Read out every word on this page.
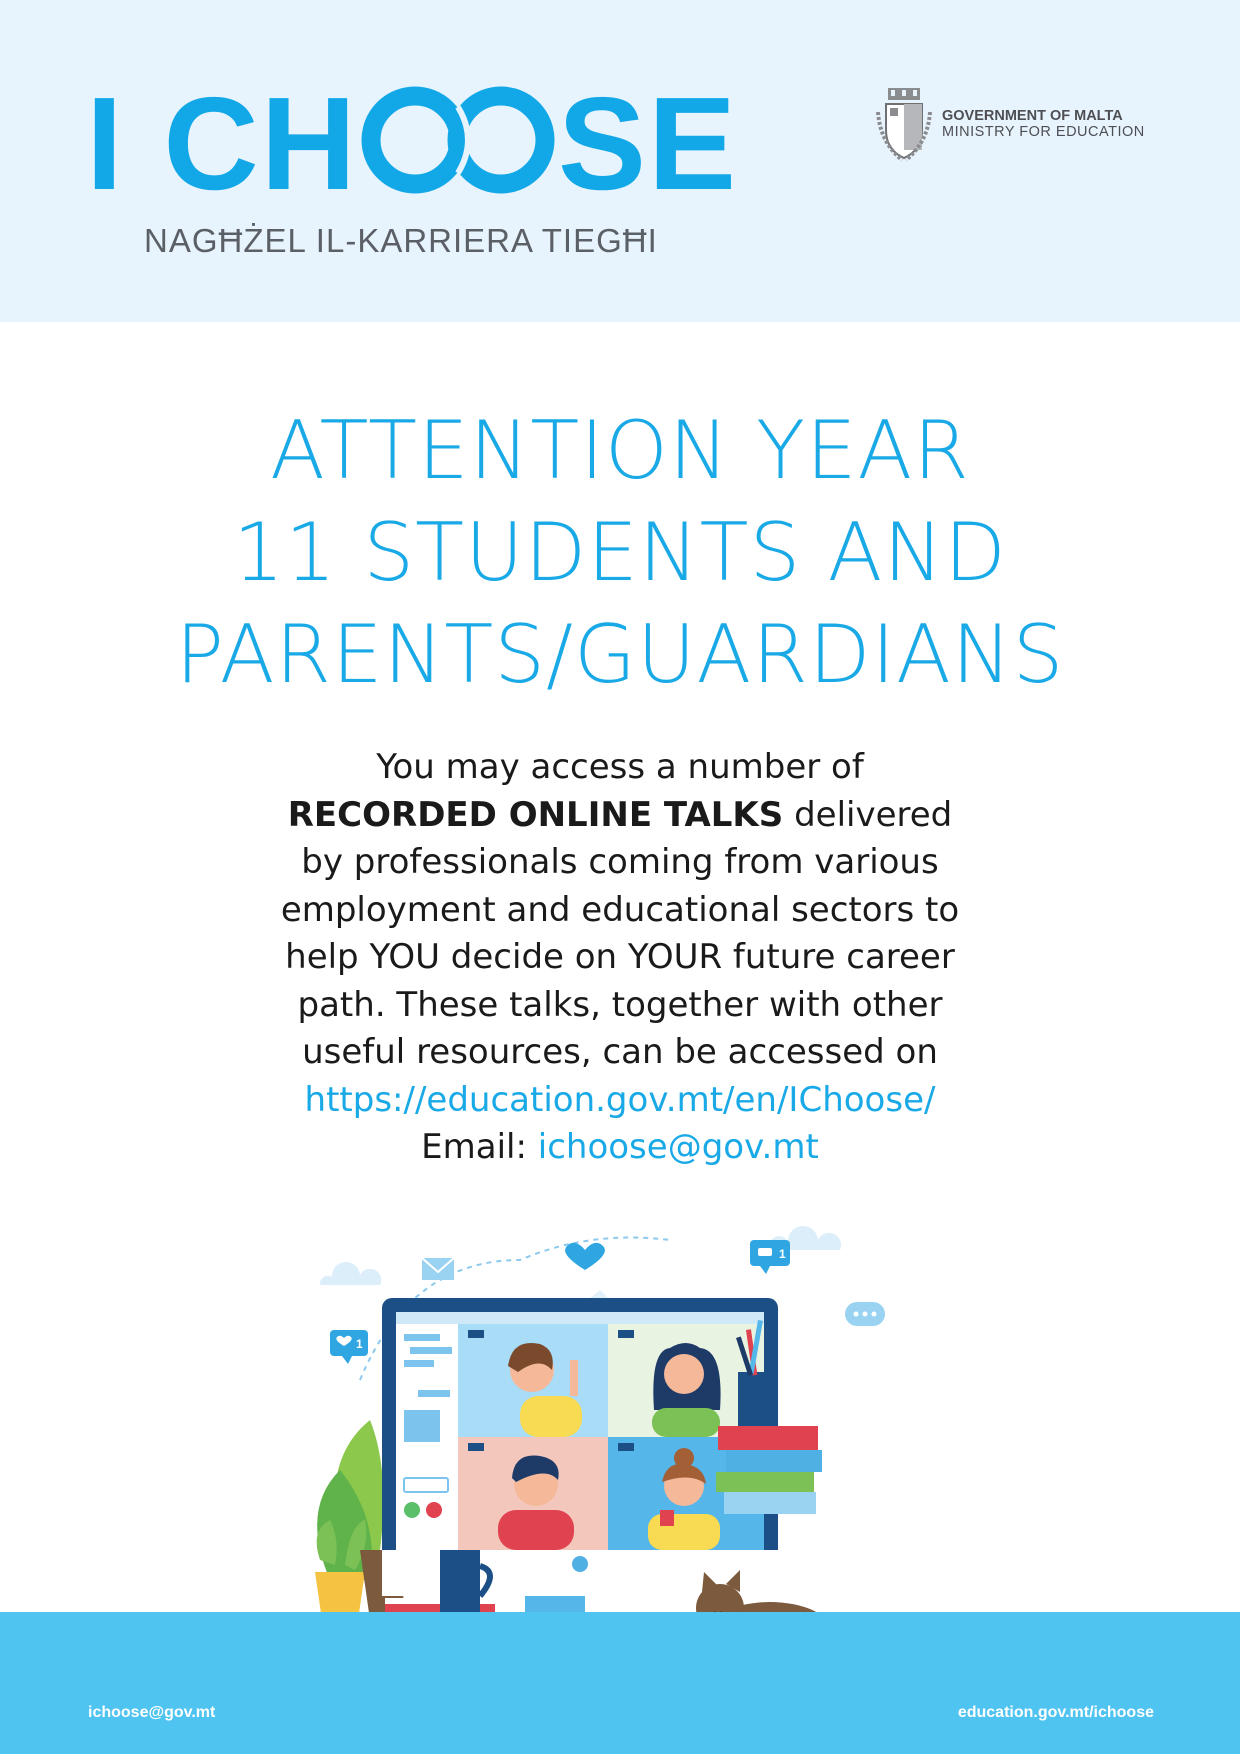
I CH SE
NAGĦŻEL IL-KARRIERA TIEGĦI
GOVERNMENT OF MALTA
MINISTRY FOR EDUCATION
ATTENTION YEAR
11 STUDENTS AND
PARENTS/GUARDIANS
You may access a number of
RECORDED ONLINE TALKS delivered
by professionals coming from various
employment and educational sectors to
help YOU decide on YOUR future career
path. These talks, together with other
useful resources, can be accessed on
https://education.gov.mt/en/IChoose/
Email: ichoose@gov.mt
1
1
ichoose@gov.mt	education.gov.mt/ichoose
